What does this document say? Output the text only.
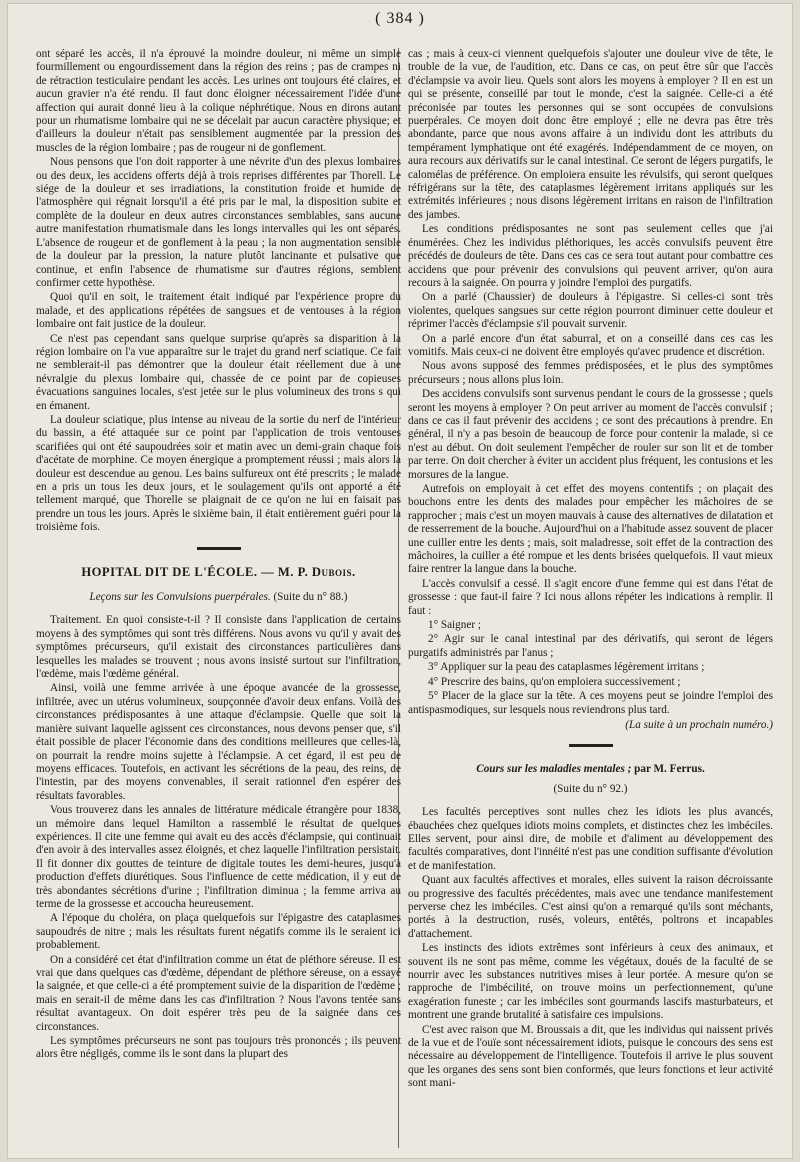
( 384 )

ont séparé les accès, il n'a éprouvé la moindre douleur, ni même un simple fourmillement ou engourdissement dans la région des reins ; pas de crampes ni de rétraction testiculaire pendant les accès. Les urines ont toujours été claires, et aucun gravier n'a été rendu. Il faut donc éloigner nécessairement l'idée d'une affection qui aurait donné lieu à la colique néphrétique. Nous en dirons autant pour un rhumatisme lombaire qui ne se décelait par aucun caractère physique; et d'ailleurs la douleur n'était pas sensiblement augmentée par la pression des muscles de la région lombaire ; pas de rougeur ni de gonflement.

Nous pensons que l'on doit rapporter à une névrite d'un des plexus lombaires ou des deux, les accidens offerts déjà à trois reprises différentes par Thorell. Le siége de la douleur et ses irradiations, la constitution froide et humide de l'atmosphère qui régnait lorsqu'il a été pris par le mal, la disposition subite et complète de la douleur en deux autres circonstances semblables, sans aucune autre manifestation rhumatismale dans les longs intervalles qui les ont séparés. L'absence de rougeur et de gonflement à la peau ; la non augmentation sensible de la douleur par la pression, la nature plutôt lancinante et pulsative que continue, et enfin l'absence de rhumatisme sur d'autres régions, semblent confirmer cette hypothèse.

Quoi qu'il en soit, le traitement était indiqué par l'expérience propre du malade, et des applications répétées de sangsues et de ventouses à la région lombaire ont fait justice de la douleur.

Ce n'est pas cependant sans quelque surprise qu'après sa disparition à la région lombaire on l'a vue apparaître sur le trajet du grand nerf sciatique. Ce fait ne semblerait-il pas démontrer que la douleur était réellement due à une névralgie du plexus lombaire qui, chassée de ce point par de copieuses évacuations sanguines locales, s'est jetée sur le plus volumineux des trons s qui en émanent.

La douleur sciatique, plus intense au niveau de la sortie du nerf de l'intérieur du bassin, a été attaquée sur ce point par l'application de trois ventouses scarifiées qui ont été saupoudrées soir et matin avec un demi-grain chaque fois d'acétate de morphine. Ce moyen énergique a promptement réussi ; mais alors la douleur est descendue au genou. Les bains sulfureux ont été prescrits ; le malade en a pris un tous les deux jours, et le soulagement qu'ils ont apporté a été tellement marqué, que Thorelle se plaignait de ce qu'on ne lui en faisait pas prendre un tous les jours. Après le sixième bain, il était entièrement guéri pour la troisième fois.

HOPITAL DIT DE L'ÉCOLE. — M. P. Dubois.
Leçons sur les Convulsions puerpérales. (Suite du n° 88.)

Traitement. En quoi consiste-t-il ? Il consiste dans l'application de certains moyens à des symptômes qui sont très différens. Nous avons vu qu'il y avait des symptômes précurseurs, qu'il existait des circonstances particulières dans lesquelles les malades se trouvent ; nous avons insisté surtout sur l'infiltration, l'œdème, mais l'œdème général.

Ainsi, voilà une femme arrivée à une époque avancée de la grossesse, infiltrée, avec un utérus volumineux, soupçonnée d'avoir deux enfans. Voilà des circonstances prédisposantes à une attaque d'éclampsie. Quelle que soit la manière suivant laquelle agissent ces circonstances, nous devons penser que, s'il était possible de placer l'économie dans des conditions meilleures que celles-là, on pourrait la rendre moins sujette à l'éclampsie. A cet égard, il est peu de moyens efficaces. Toutefois, en activant les sécrétions de la peau, des reins, de l'intestin, par des moyens convenables, il serait rationnel d'en espérer des résultats favorables.

Vous trouverez dans les annales de littérature médicale étrangère pour 1838, un mémoire dans lequel Hamilton a rassemblé le résultat de quelques expériences. Il cite une femme qui avait eu des accès d'éclampsie, qui continuait d'en avoir à des intervalles assez éloignés, et chez laquelle l'infiltration persistait. Il fit donner dix gouttes de teinture de digitale toutes les demi-heures, jusqu'à production d'effets diurétiques. Sous l'influence de cette médication, il y eut de très abondantes sécrétions d'urine ; l'infiltration diminua ; la femme arriva au terme de la grossesse et accoucha heureusement.

A l'époque du choléra, on plaça quelquefois sur l'épigastre des cataplasmes saupoudrés de nitre ; mais les résultats furent négatifs comme ils le seraient ici probablement.

On a considéré cet état d'infiltration comme un état de pléthore séreuse. Il est vrai que dans quelques cas d'œdème, dépendant de pléthore séreuse, on a essayé la saignée, et que celle-ci a été promptement suivie de la disparition de l'œdème ; mais en serait-il de même dans les cas d'infiltration ? Nous l'avons tentée sans résultat avantageux. On doit espérer très peu de la saignée dans ces circonstances.

Les symptômes précurseurs ne sont pas toujours très prononcés ; ils peuvent alors être négligés, comme ils le sont dans la plupart des

cas ; mais à ceux-ci viennent quelquefois s'ajouter une douleur vive de tête, le trouble de la vue, de l'audition, etc. Dans ce cas, on peut être sûr que l'accès d'éclampsie va avoir lieu. Quels sont alors les moyens à employer ? Il en est un qui se présente, conseillé par tout le monde, c'est la saignée. Celle-ci a été préconisée par toutes les personnes qui se sont occupées de convulsions puerpérales. Ce moyen doit donc être employé ; elle ne devra pas être très abondante, parce que nous avons affaire à un individu dont les attributs du tempérament lymphatique ont été exagérés. Indépendamment de ce moyen, on aura recours aux dérivatifs sur le canal intestinal. Ce seront de légers purgatifs, le calomélas de préférence. On emploiera ensuite les révulsifs, qui seront quelques réfrigérans sur la tête, des cataplasmes légèrement irritans appliqués sur les extrémités inférieures ; nous disons légèrement irritans en raison de l'infiltration des jambes.

Les conditions prédisposantes ne sont pas seulement celles que j'ai énumérées. Chez les individus pléthoriques, les accès convulsifs peuvent être précédés de douleurs de tête. Dans ces cas ce sera tout autant pour combattre ces accidens que pour prévenir des convulsions qui peuvent arriver, qu'on aura recours à la saignée. On pourra y joindre l'emploi des purgatifs.

On a parlé (Chaussier) de douleurs à l'épigastre. Si celles-ci sont très violentes, quelques sangsues sur cette région pourront diminuer cette douleur et réprimer l'accès d'éclampsie s'il pouvait survenir.

On a parlé encore d'un état saburral, et on a conseillé dans ces cas les vomitifs. Mais ceux-ci ne doivent être employés qu'avec prudence et discrétion.

Nous avons supposé des femmes prédisposées, et le plus des symptômes précurseurs ; nous allons plus loin.

Des accidens convulsifs sont survenus pendant le cours de la grossesse ; quels seront les moyens à employer ? On peut arriver au moment de l'accès convulsif ; dans ce cas il faut prévenir des accidens ; ce sont des précautions à prendre. En général, il n'y a pas besoin de beaucoup de force pour contenir la malade, si ce n'est au début. On doit seulement l'empêcher de rouler sur son lit et de tomber par terre. On doit chercher à éviter un accident plus fréquent, les contusions et les morsures de la langue.

Autrefois on employait à cet effet des moyens contentifs ; on plaçait des bouchons entre les dents des malades pour empêcher les mâchoires de se rapprocher ; mais c'est un moyen mauvais à cause des alternatives de dilatation et de resserrement de la bouche. Aujourd'hui on a l'habitude assez souvent de placer une cuiller entre les dents ; mais, soit maladresse, soit effet de la contraction des mâchoires, la cuiller a été rompue et les dents brisées quelquefois. Il vaut mieux faire rentrer la langue dans la bouche.

L'accès convulsif a cessé. Il s'agit encore d'une femme qui est dans l'état de grossesse : que faut-il faire ? Ici nous allons répéter les indications à remplir. Il faut :

1° Saigner ;

2° Agir sur le canal intestinal par des dérivatifs, qui seront de légers purgatifs administrés par l'anus ;

3° Appliquer sur la peau des cataplasmes légèrement irritans ;

4° Prescrire des bains, qu'on emploiera successivement ;

5° Placer de la glace sur la tête. A ces moyens peut se joindre l'emploi des antispasmodiques, sur lesquels nous reviendrons plus tard.

(La suite à un prochain numéro.)
Cours sur les maladies mentales ; par M. Ferrus.
(Suite du n° 92.)

Les facultés perceptives sont nulles chez les idiots les plus avancés, ébauchées chez quelques idiots moins complets, et distinctes chez les imbéciles. Elles servent, pour ainsi dire, de mobile et d'aliment au développement des facultés comparatives, dont l'innéité n'est pas une condition suffisante d'évolution et de manifestation.

Quant aux facultés affectives et morales, elles suivent la raison décroissante ou progressive des facultés précédentes, mais avec une tendance manifestement perverse chez les imbéciles. C'est ainsi qu'on a remarqué qu'ils sont méchants, portés à la destruction, rusés, voleurs, entêtés, poltrons et incapables d'attachement.

Les instincts des idiots extrêmes sont inférieurs à ceux des animaux, et souvent ils ne sont pas même, comme les végétaux, doués de la faculté de se nourrir avec les substances nutritives mises à leur portée. A mesure qu'on se rapproche de l'imbécilité, on trouve moins un perfectionnement, qu'une exagération funeste ; car les imbéciles sont gourmands lascifs masturbateurs, et montrent une grande brutalité à satisfaire ces impulsions.

C'est avec raison que M. Broussais a dit, que les individus qui naissent privés de la vue et de l'ouïe sont nécessairement idiots, puisque le concours des sens est nécessaire au développement de l'intelligence. Toutefois il arrive le plus souvent que les organes des sens sont bien conformés, que leurs fonctions et leur activité sont mani-
